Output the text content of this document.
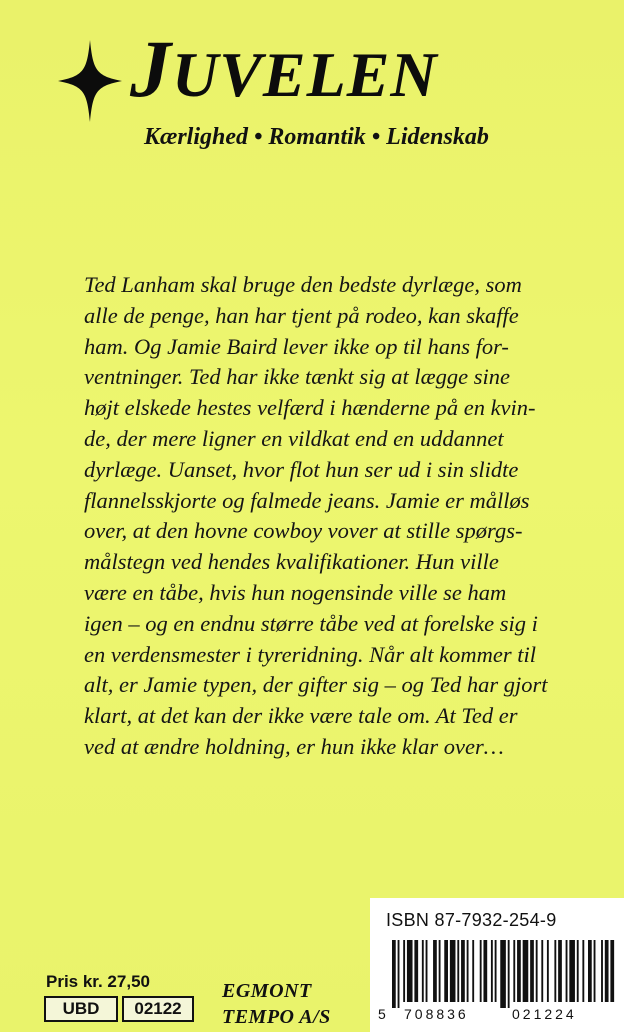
JUVELEN
Kærlighed • Romantik • Lidenskab
Ted Lanham skal bruge den bedste dyrlæge, som
alle de penge, han har tjent på rodeo, kan skaffe
ham. Og Jamie Baird lever ikke op til hans for-
ventninger. Ted har ikke tænkt sig at lægge sine
højt elskede hestes velfærd i hænderne på en kvin-
de, der mere ligner en vildkat end en uddannet
dyrlæge. Uanset, hvor flot hun ser ud i sin slidte
flannelsskjorte og falmede jeans. Jamie er målløs
over, at den hovne cowboy vover at stille spørgs-
målstegn ved hendes kvalifikationer. Hun ville
være en tåbe, hvis hun nogensinde ville se ham
igen – og en endnu større tåbe ved at forelske sig i
en verdensmester i tyreridning. Når alt kommer til
alt, er Jamie typen, der gifter sig – og Ted har gjort
klart, at det kan der ikke være tale om. At Ted er
ved at ændre holdning, er hun ikke klar over…
Pris kr. 27,50
UBD	02122
EGMONT
TEMPO A/S
ISBN 87-7932-254-9
5 708836	021224
